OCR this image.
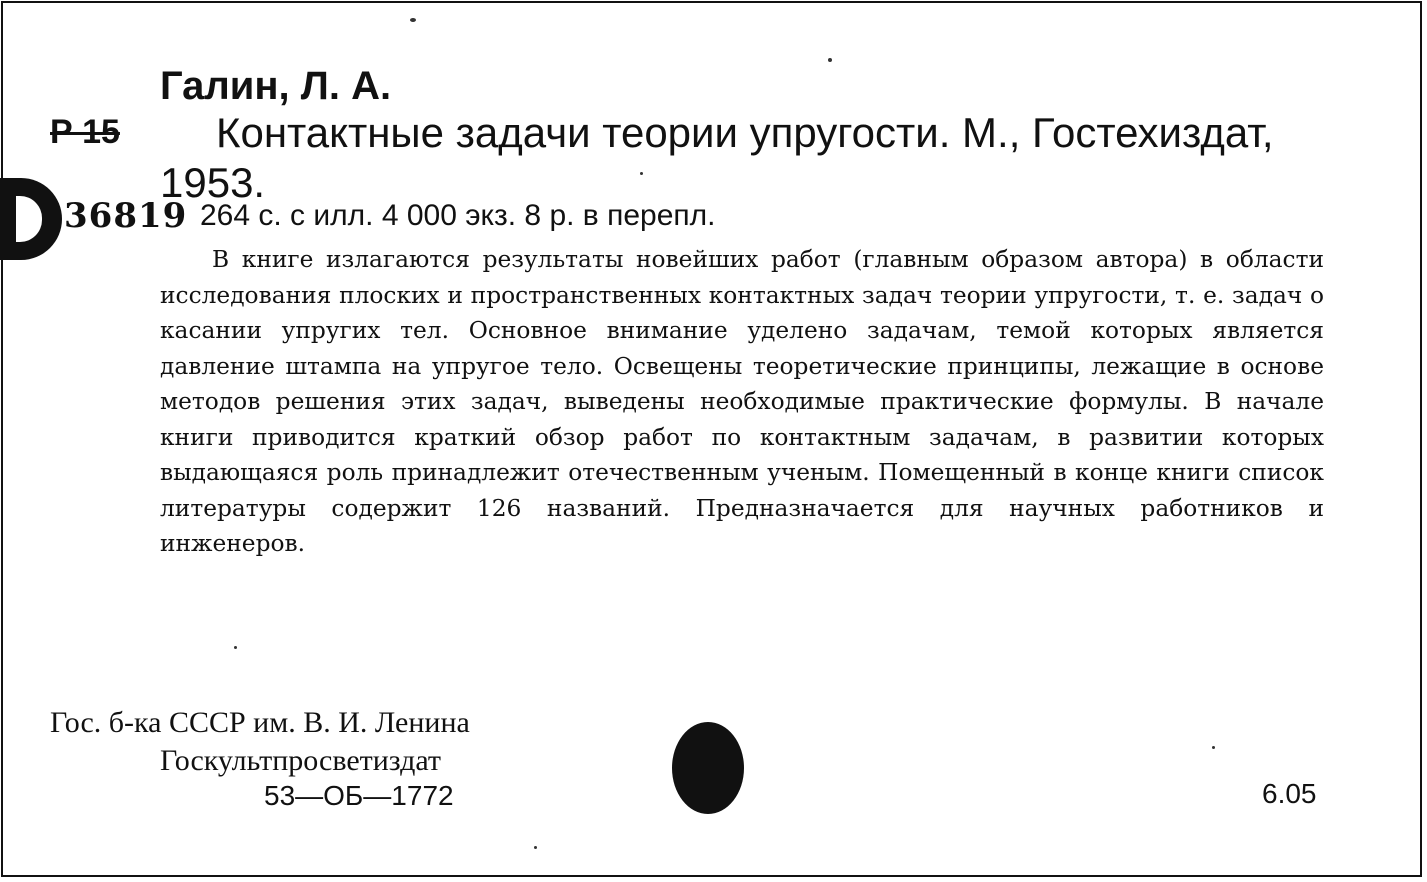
Галин, Л. А.
Р 15	Контактные задачи теории упругости. М., Гостехиздат,
1953.
36819 264 с. с илл. 4 000 экз. 8 р. в перепл.

В книге излагаются результаты новейших работ (главным образом автора) в области исследования плоских и пространственных контактных задач теории упругости, т. е. задач о касании упругих тел. Основное внимание уделено задачам, темой которых является давление штампа на упругое тело. Освещены теоретические принципы, лежащие в основе методов решения этих задач, выведены необходимые практические формулы. В начале книги приводится краткий обзор работ по контактным задачам, в развитии которых выдающаяся роль принадлежит отечественным ученым. Помещенный в конце книги список литературы содержит 126 названий. Предназначается для научных работников и инженеров.

Гос. б-ка СССР им. В. И. Ленина
Госкультпросветиздат
53—ОБ—1772	6.05
